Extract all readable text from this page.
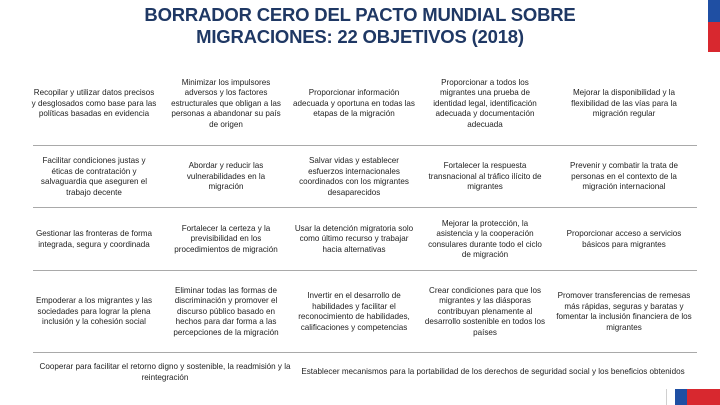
BORRADOR CERO DEL PACTO MUNDIAL SOBRE
MIGRACIONES: 22 OBJETIVOS (2018)
Recopilar y utilizar datos precisos y desglosados como base para las políticas basadas en evidencia
Minimizar los impulsores adversos y los factores estructurales que obligan a las personas a abandonar su país de origen
Proporcionar información adecuada y oportuna en todas las etapas de la migración
Proporcionar a todos los migrantes una prueba de identidad legal, identificación adecuada y documentación adecuada
Mejorar la disponibilidad y la flexibilidad de las vías para la migración regular
Facilitar condiciones justas y éticas de contratación y salvaguardia que aseguren el trabajo decente
Abordar y reducir las vulnerabilidades en la migración
Salvar vidas y establecer esfuerzos internacionales coordinados con los migrantes desaparecidos
Fortalecer la respuesta transnacional al tráfico ilícito de migrantes
Prevenir y combatir la trata de personas en el contexto de la migración internacional
Gestionar las fronteras de forma integrada, segura y coordinada
Fortalecer la certeza y la previsibilidad en los procedimientos de migración
Usar la detención migratoria solo como último recurso y trabajar hacia alternativas
Mejorar la protección, la asistencia y la cooperación consulares durante todo el ciclo de migración
Proporcionar acceso a servicios básicos para migrantes
Empoderar a los migrantes y las sociedades para lograr la plena inclusión y la cohesión social
Eliminar todas las formas de discriminación y promover el discurso público basado en hechos para dar forma a las percepciones de la migración
Invertir en el desarrollo de habilidades y facilitar el reconocimiento de habilidades, calificaciones y competencias
Crear condiciones para que los migrantes y las diásporas contribuyan plenamente al desarrollo sostenible en todos los países
Promover transferencias de remesas más rápidas, seguras y baratas y fomentar la inclusión financiera de los migrantes
Cooperar para facilitar el retorno digno y sostenible, la readmisión y la reintegración
Establecer mecanismos para la portabilidad de los derechos de seguridad social y los beneficios obtenidos
